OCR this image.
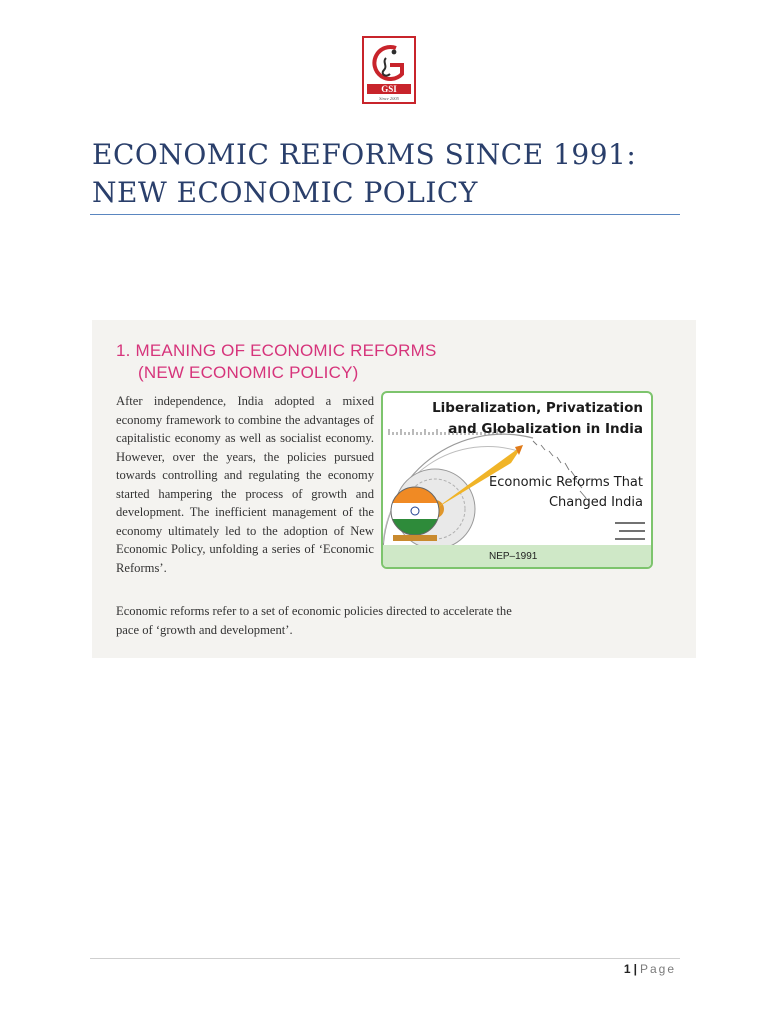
GSI
Since 2005
ECONOMIC REFORMS SINCE 1991: NEW ECONOMIC POLICY
1. MEANING OF ECONOMIC REFORMS
(NEW ECONOMIC POLICY)
After independence, India adopted a mixed economy framework to combine the advantages of capitalistic economy as well as socialist economy. However, over the years, the policies pursued towards controlling and regulating the economy started hampering the process of growth and development. The inefficient management of the economy ultimately led to the adoption of New Economic Policy, unfolding a series of ‘Economic Reforms’.
Liberalization, Privatization and Globalization in India
Economic Reforms That Changed India
NEP–1991
Economic reforms refer to a set of economic policies directed to accelerate the pace of ‘growth and development’.
1 | Page
